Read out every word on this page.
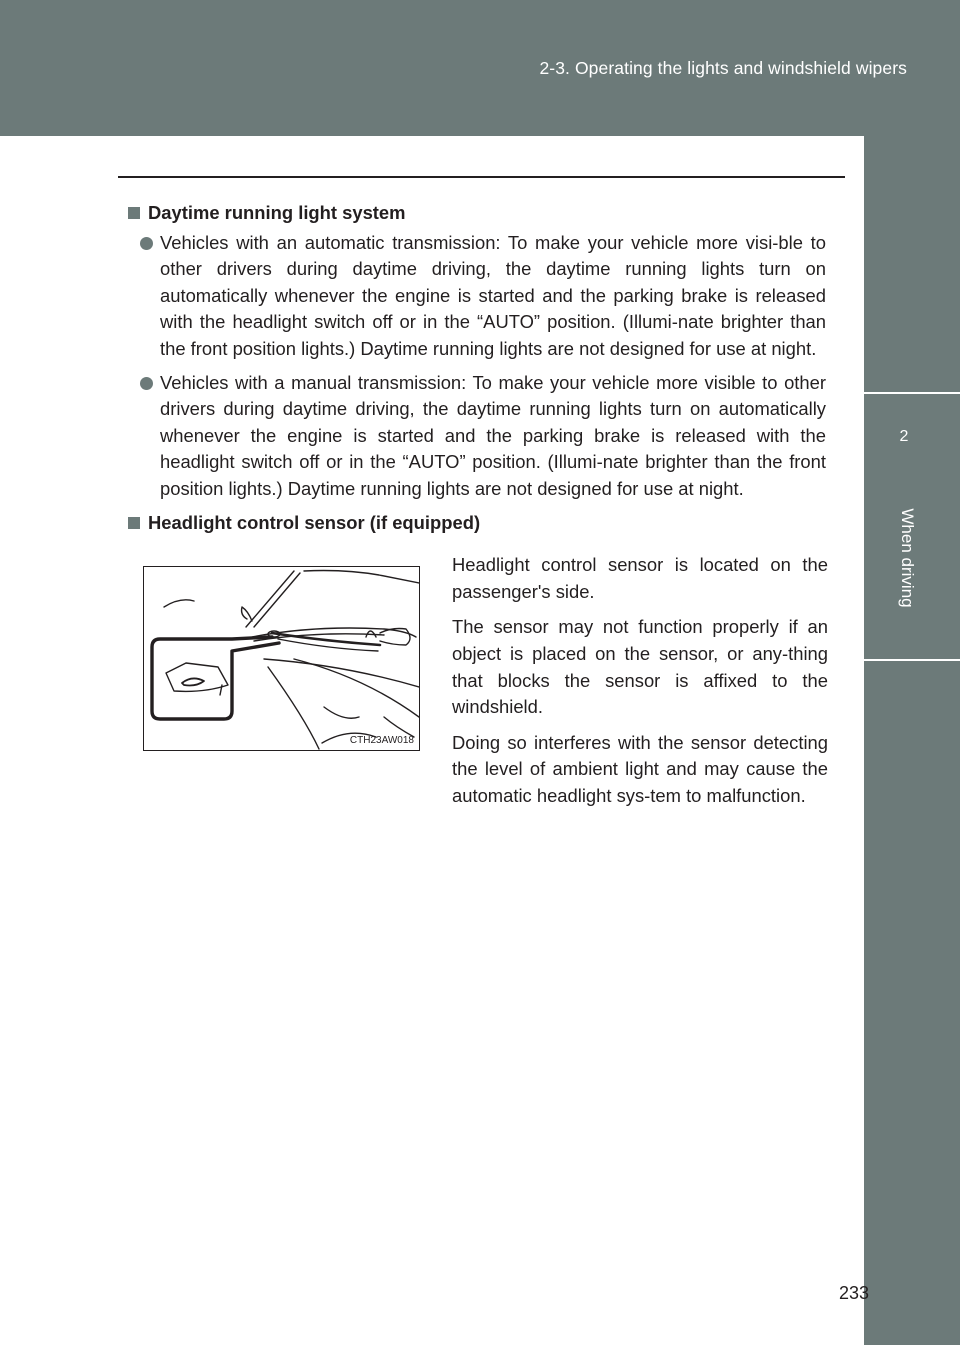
2-3. Operating the lights and windshield wipers
2
When driving
Daytime running light system
Vehicles with an automatic transmission: To make your vehicle more visi-ble to other drivers during daytime driving, the daytime running lights turn on automatically whenever the engine is started and the parking brake is released with the headlight switch off or in the “AUTO” position. (Illumi-nate brighter than the front position lights.) Daytime running lights are not designed for use at night.
Vehicles with a manual transmission: To make your vehicle more visible to other drivers during daytime driving, the daytime running lights turn on automatically whenever the engine is started and the parking brake is released with the headlight switch off or in the “AUTO” position. (Illumi-nate brighter than the front position lights.) Daytime running lights are not designed for use at night.
Headlight control sensor (if equipped)
CTH23AW018

Headlight control sensor is located on the passenger's side.

The sensor may not function properly if an object is placed on the sensor, or any-thing that blocks the sensor is affixed to the windshield.

Doing so interferes with the sensor detecting the level of ambient light and may cause the automatic headlight sys-tem to malfunction.

233
